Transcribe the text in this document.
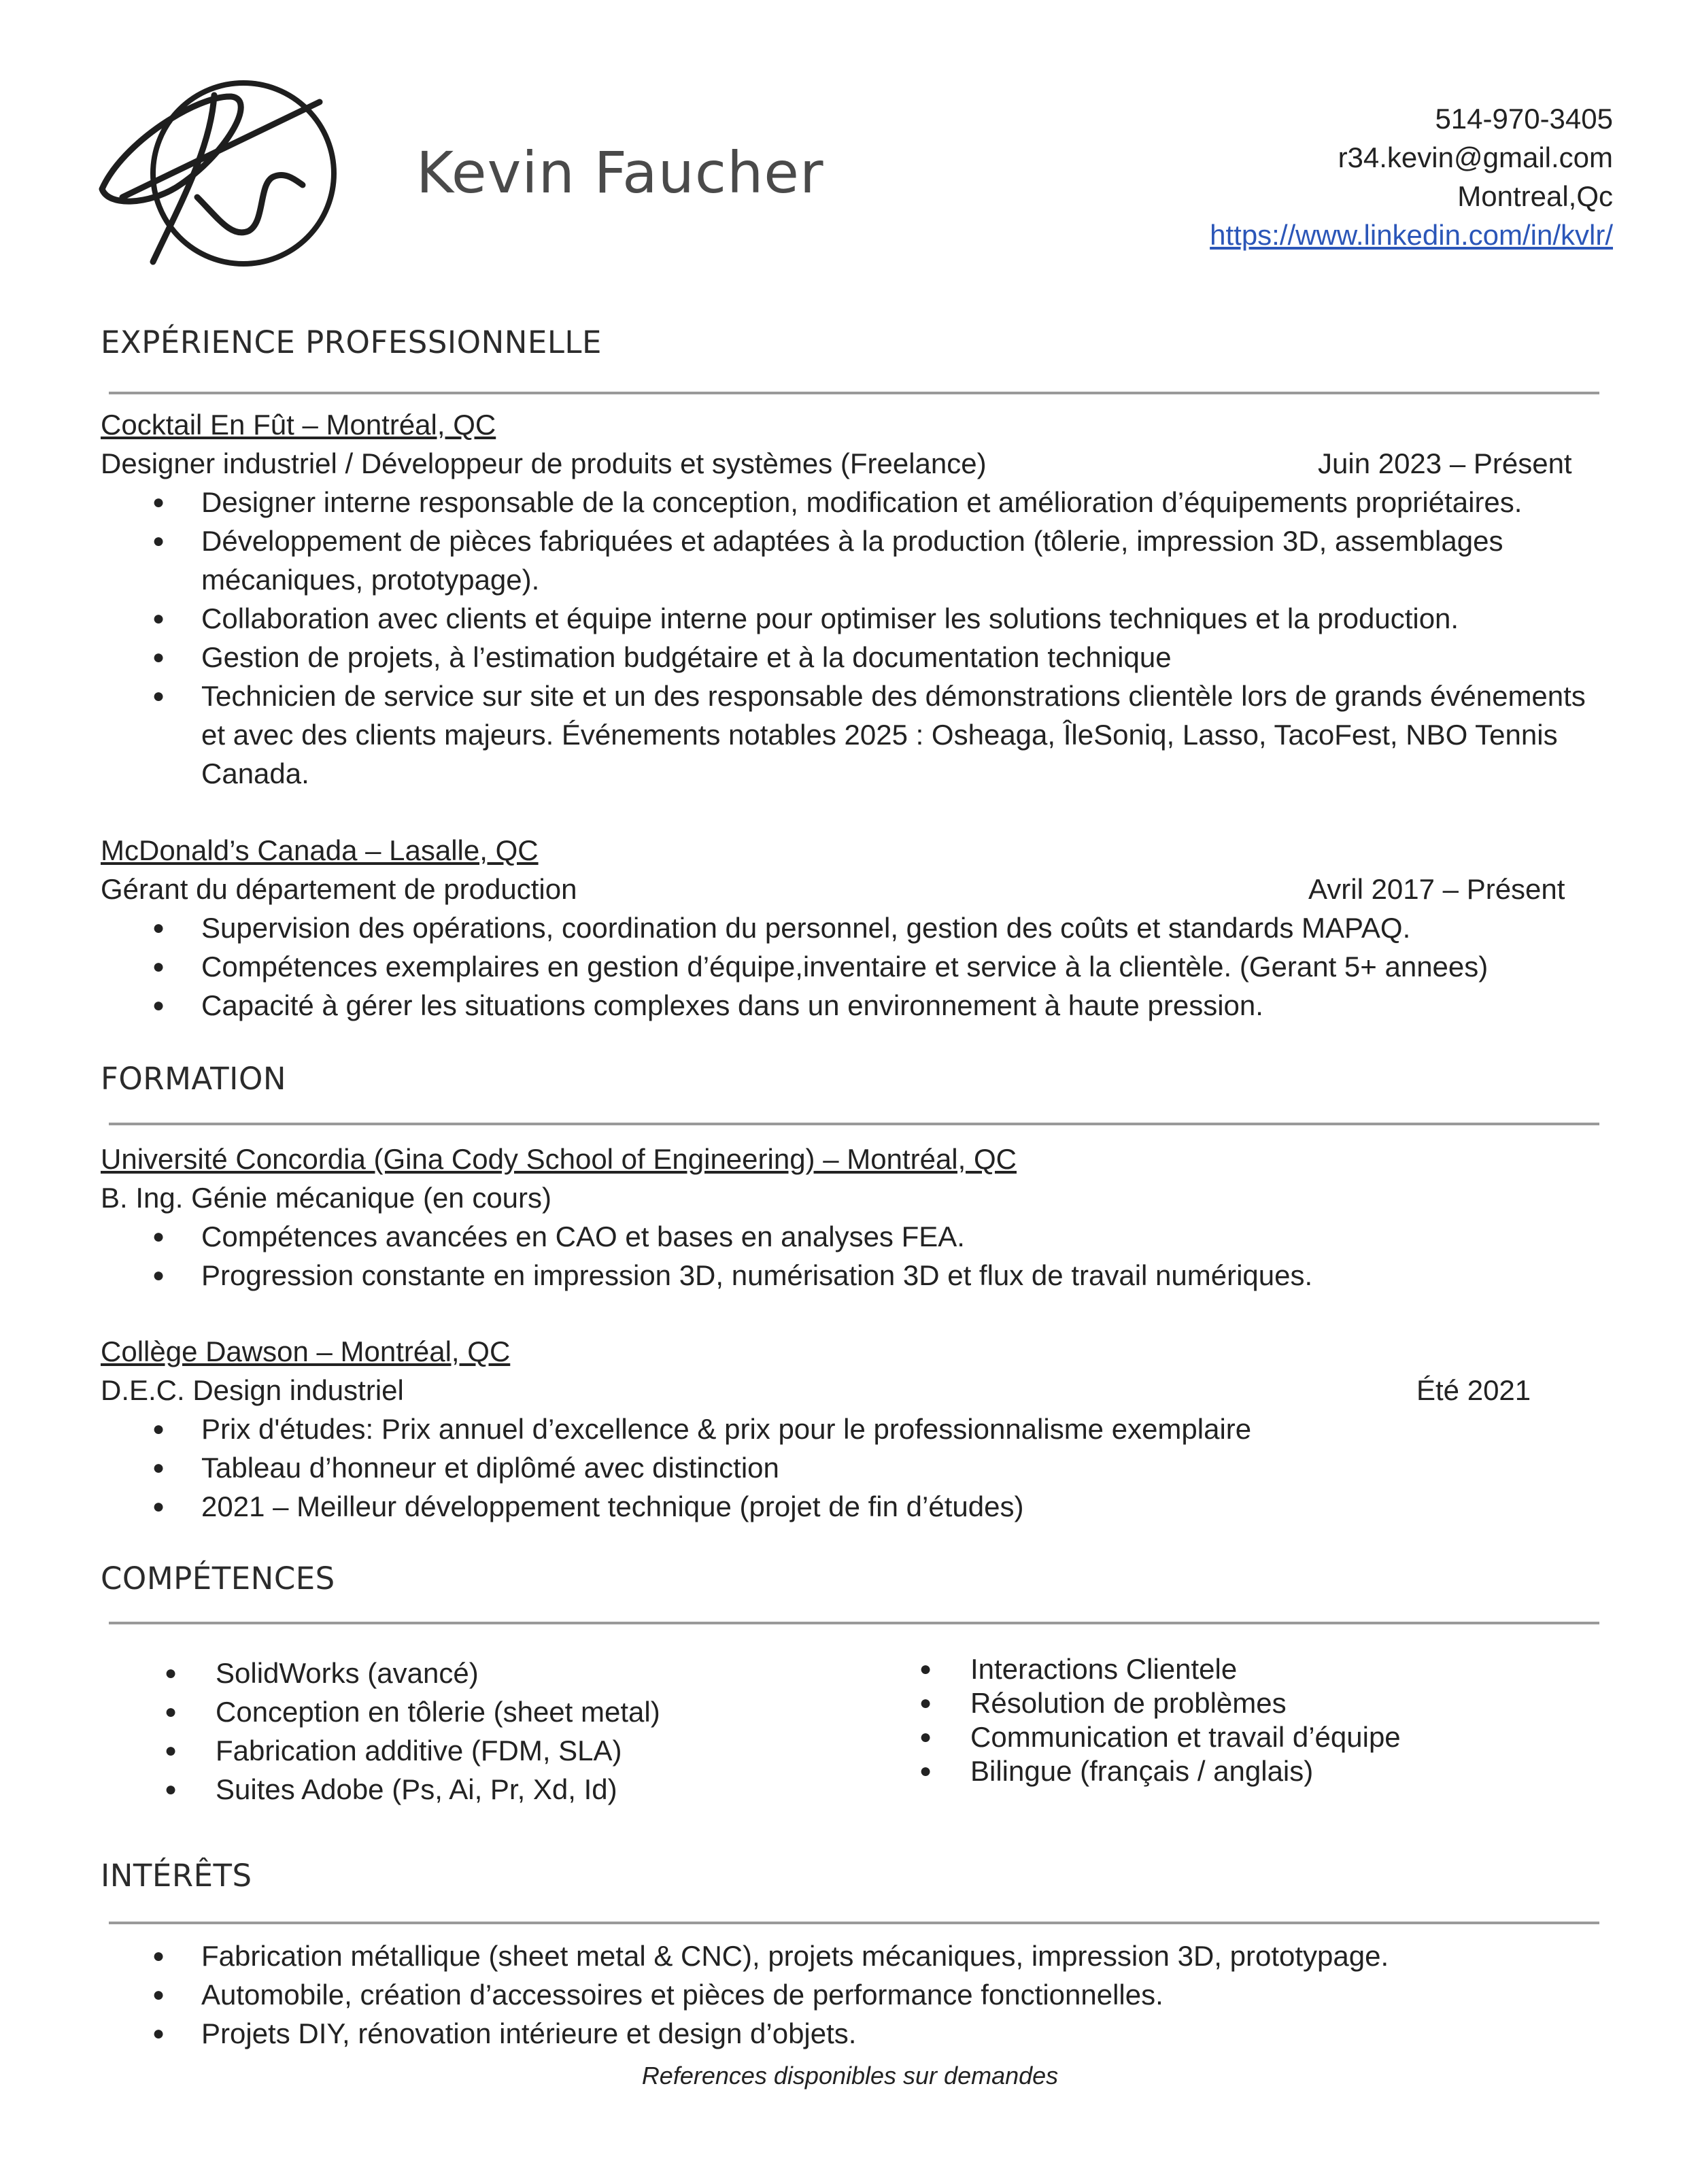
Kevin Faucher
514-970-3405
r34.kevin@gmail.com
Montreal,Qc
https://www.linkedin.com/in/kvlr/
EXPÉRIENCE PROFESSIONNELLE
Cocktail En Fût – Montréal, QC
Designer industriel / Développeur de produits et systèmes (Freelance)	Juin 2023 – Présent
● Designer interne responsable de la conception, modification et amélioration d’équipements propriétaires.
● Développement de pièces fabriquées et adaptées à la production (tôlerie, impression 3D, assemblages mécaniques, prototypage).
● Collaboration avec clients et équipe interne pour optimiser les solutions techniques et la production.
● Gestion de projets, à l’estimation budgétaire et à la documentation technique
● Technicien de service sur site et un des responsable des démonstrations clientèle lors de grands événements et avec des clients majeurs. Événements notables 2025 : Osheaga, ÎleSoniq, Lasso, TacoFest, NBO Tennis Canada.
McDonald’s Canada – Lasalle, QC
Gérant du département de production	Avril 2017 – Présent
● Supervision des opérations, coordination du personnel, gestion des coûts et standards MAPAQ.
● Compétences exemplaires en gestion d’équipe,inventaire et service à la clientèle. (Gerant 5+ annees)
● Capacité à gérer les situations complexes dans un environnement à haute pression.
FORMATION
Université Concordia (Gina Cody School of Engineering) – Montréal, QC
B. Ing. Génie mécanique (en cours)
● Compétences avancées en CAO et bases en analyses FEA.
● Progression constante en impression 3D, numérisation 3D et flux de travail numériques.
Collège Dawson – Montréal, QC
D.E.C. Design industriel	Été 2021
● Prix d'études: Prix annuel d’excellence & prix pour le professionnalisme exemplaire
● Tableau d’honneur et diplômé avec distinction
● 2021 – Meilleur développement technique (projet de fin d’études)
COMPÉTENCES
● SolidWorks (avancé)
● Conception en tôlerie (sheet metal)
● Fabrication additive (FDM, SLA)
● Suites Adobe (Ps, Ai, Pr, Xd, Id)
● Interactions Clientele
● Résolution de problèmes
● Communication et travail d’équipe
● Bilingue (français / anglais)
INTÉRÊTS
● Fabrication métallique (sheet metal & CNC), projets mécaniques, impression 3D, prototypage.
● Automobile, création d’accessoires et pièces de performance fonctionnelles.
● Projets DIY, rénovation intérieure et design d’objets.
References disponibles sur demandes
